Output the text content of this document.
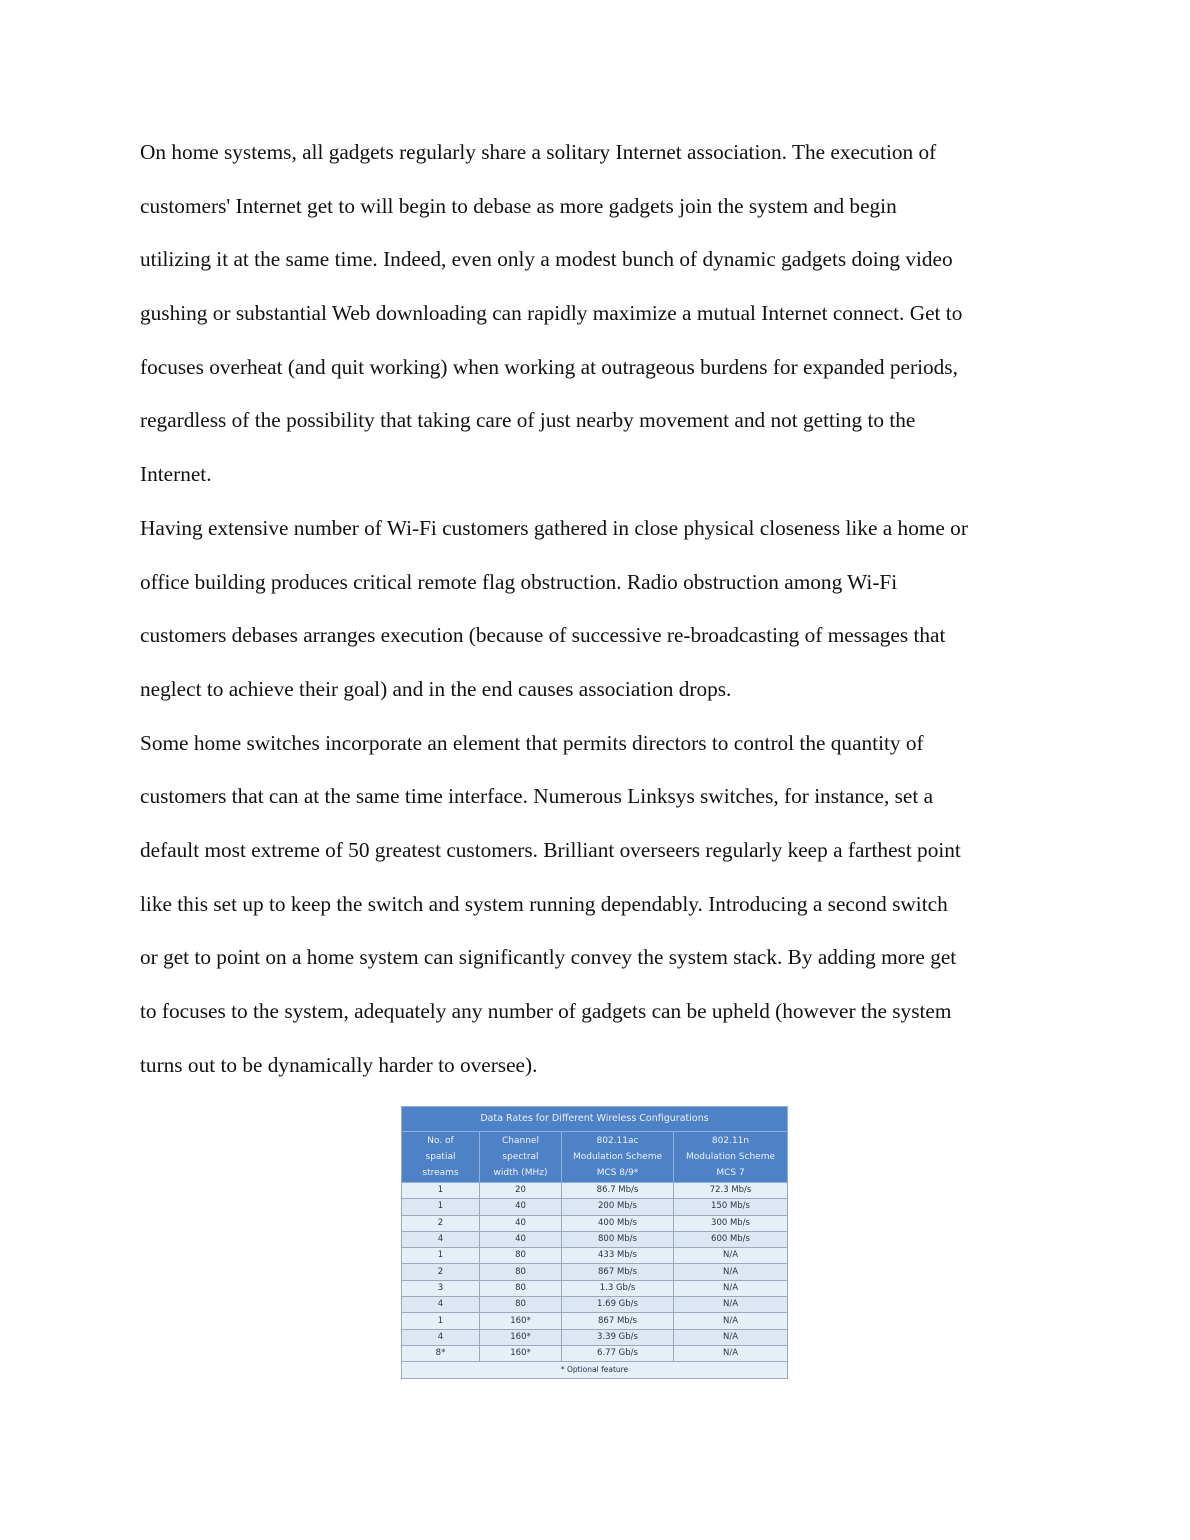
On home systems, all gadgets regularly share a solitary Internet association. The execution of
customers' Internet get to will begin to debase as more gadgets join the system and begin
utilizing it at the same time. Indeed, even only a modest bunch of dynamic gadgets doing video
gushing or substantial Web downloading can rapidly maximize a mutual Internet connect. Get to
focuses overheat (and quit working) when working at outrageous burdens for expanded periods,
regardless of the possibility that taking care of just nearby movement and not getting to the
Internet.
Having extensive number of Wi-Fi customers gathered in close physical closeness like a home or
office building produces critical remote flag obstruction. Radio obstruction among Wi-Fi
customers debases arranges execution (because of successive re-broadcasting of messages that
neglect to achieve their goal) and in the end causes association drops.
Some home switches incorporate an element that permits directors to control the quantity of
customers that can at the same time interface. Numerous Linksys switches, for instance, set a
default most extreme of 50 greatest customers. Brilliant overseers regularly keep a farthest point
like this set up to keep the switch and system running dependably. Introducing a second switch
or get to point on a home system can significantly convey the system stack. By adding more get
to focuses to the system, adequately any number of gadgets can be upheld (however the system
turns out to be dynamically harder to oversee).
Data Rates for Different Wireless Configurations			

No. of
spatial
streams

Channel
spectral
width (MHz)

802.11ac
Modulation Scheme
MCS 8/9*

802.11n
Modulation Scheme
MCS 7

1	20	86.7 Mb/s	72.3 Mb/s
1	40	200 Mb/s	150 Mb/s
2	40	400 Mb/s	300 Mb/s
4	40	800 Mb/s	600 Mb/s
1	80	433 Mb/s	N/A
2	80	867 Mb/s	N/A
3	80	1.3 Gb/s	N/A
4	80	1.69 Gb/s	N/A
1	160*	867 Mb/s	N/A
4	160*	3.39 Gb/s	N/A
8*	160*	6.77 Gb/s	N/A
* Optional feature			
